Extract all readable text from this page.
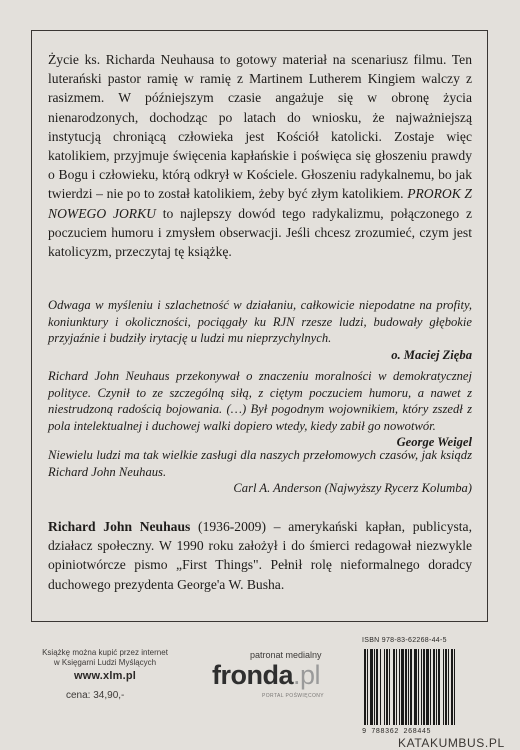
Życie ks. Richarda Neuhausa to gotowy materiał na scenariusz filmu. Ten luterański pastor ramię w ramię z Martinem Lutherem Kingiem walczy z rasizmem. W późniejszym czasie angażuje się w obronę życia nienarodzonych, dochodząc po latach do wniosku, że najważniejszą instytucją chroniącą człowieka jest Kościół katolicki. Zostaje więc katolikiem, przyjmuje święcenia kapłańskie i poświęca się głoszeniu prawdy o Bogu i człowieku, którą odkrył w Kościele. Głoszeniu radykalnemu, bo jak twierdzi – nie po to został katolikiem, żeby być złym katolikiem. PROROK Z NOWEGO JORKU to najlepszy dowód tego radykalizmu, połączonego z poczuciem humoru i zmysłem obserwacji. Jeśli chcesz zrozumieć, czym jest katolicyzm, przeczytaj tę książkę.

Odwaga w myśleniu i szlachetność w działaniu, całkowicie niepodatne na profity, koniunktury i okoliczności, pociągały ku RJN rzesze ludzi, budowały głębokie przyjaźnie i budziły irytację u ludzi mu nieprzychylnych.
o. Maciej Zięba
Richard John Neuhaus przekonywał o znaczeniu moralności w demokratycznej polityce. Czynił to ze szczególną siłą, z ciętym poczuciem humoru, a nawet z niestrudzoną radością bojowania. (…) Był pogodnym wojownikiem, który zszedł z pola intelektualnej i duchowej walki dopiero wtedy, kiedy zabił go nowotwór.
George Weigel
Niewielu ludzi ma tak wielkie zasługi dla naszych przełomowych czasów, jak ksiądz Richard John Neuhaus.
Carl A. Anderson (Najwyższy Rycerz Kolumba)
Richard John Neuhaus (1936-2009) – amerykański kapłan, publicysta, działacz społeczny. W 1990 roku założył i do śmierci redagował niezwykle opiniotwórcze pismo „First Things". Pełnił rolę nieformalnego doradcy duchowego prezydenta George'a W. Busha.
Książkę można kupić przez internet
w Księgarni Ludzi Myślących
www.xlm.pl
cena: 34,90,-
patronat medialny
fronda.pl
PORTAL POŚWIĘCONY
ISBN 978-83-62268-44-5
9 788362 268445
KATAKUMBUS.PL
